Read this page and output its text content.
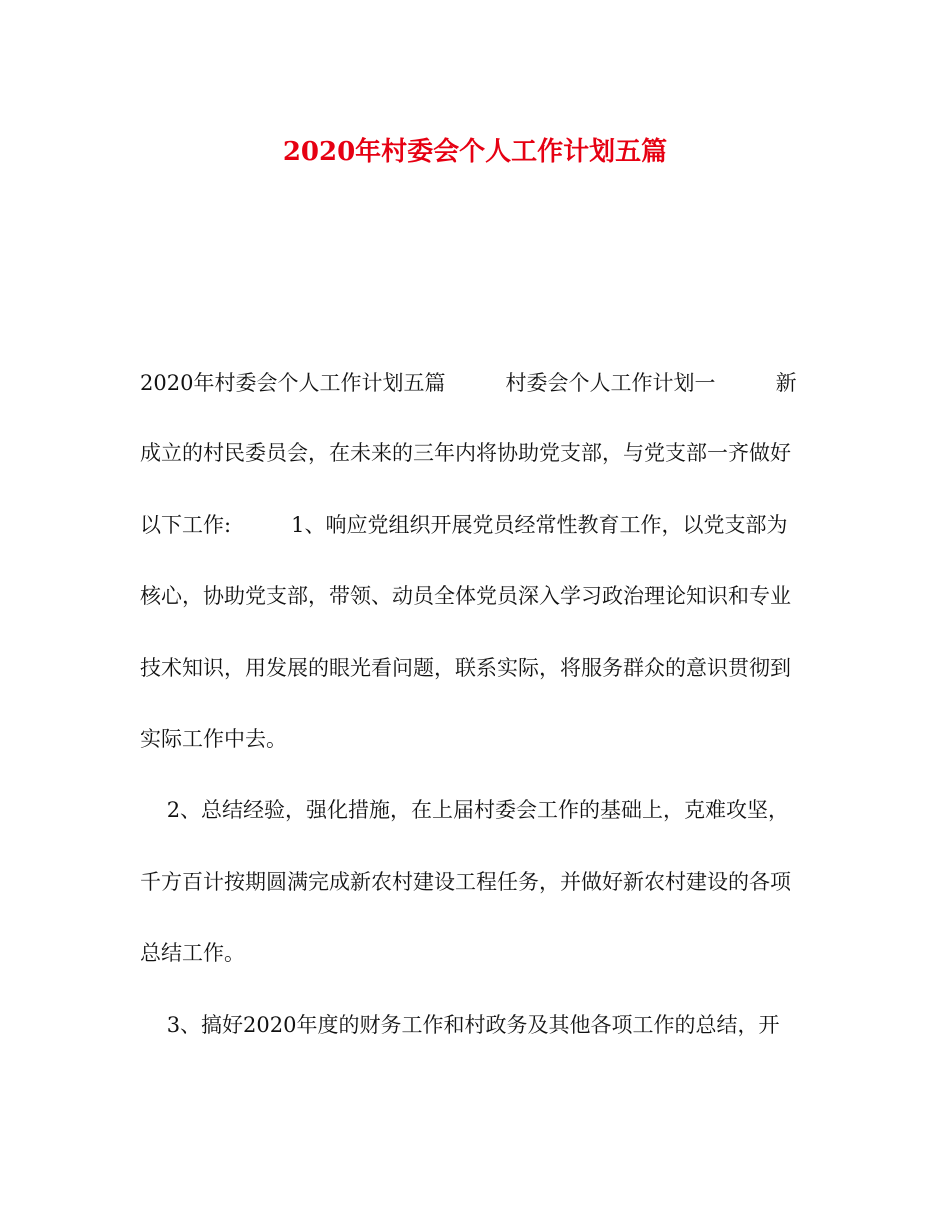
2020年村委会个人工作计划五篇
2020年村委会个人工作计划五篇         村委会个人工作计划一         新
成立的村民委员会，在未来的三年内将协助党支部，与党支部一齐做好
以下工作:         1、响应党组织开展党员经常性教育工作，以党支部为
核心，协助党支部，带领、动员全体党员深入学习政治理论知识和专业
技术知识，用发展的眼光看问题，联系实际，将服务群众的意识贯彻到
实际工作中去。
2、总结经验，强化措施，在上届村委会工作的基础上，克难攻坚，
千方百计按期圆满完成新农村建设工程任务，并做好新农村建设的各项
总结工作。
3、搞好2020年度的财务工作和村政务及其他各项工作的总结，开
